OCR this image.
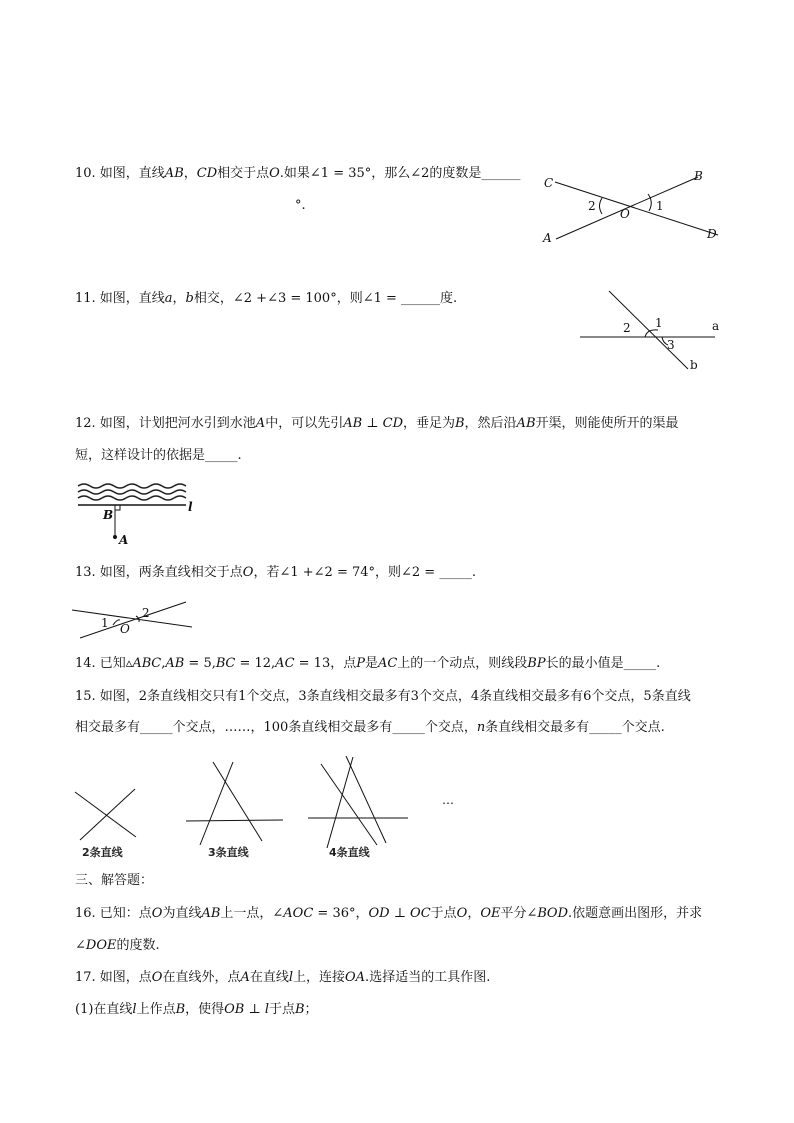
10. 如图，直线𝐴𝐵，𝐶𝐷相交于点𝑂.如果∠1 = 35°，那么∠2的度数是______
°.
C	B
O
A	D
1
2
11. 如图，直线𝑎，𝑏相交，∠2 +∠3 = 100°，则∠1 = ______度.
2 1
3
a
b
12. 如图，计划把河水引到水池𝐴中，可以先引𝐴𝐵 ⊥ 𝐶𝐷，垂足为𝐵，然后沿𝐴𝐵开渠，则能使所开的渠最
短，这样设计的依据是_____.
B
A
l
13. 如图，两条直线相交于点𝑂，若∠1 +∠2 = 74°，则∠2 = _____.
1
2
O
14. 已知▵𝐴𝐵𝐶,𝐴𝐵 = 5,𝐵𝐶 = 12,𝐴𝐶 = 13，点𝑃是𝐴𝐶上的一个动点，则线段𝐵𝑃长的最小值是_____.
15. 如图，2条直线相交只有1个交点，3条直线相交最多有3个交点，4条直线相交最多有6个交点，5条直线
相交最多有_____个交点，……，100条直线相交最多有_____个交点，𝑛条直线相交最多有_____个交点.
2条直线	3条直线	4条直线
…
三、解答题：
16. 已知：点𝑂为直线𝐴𝐵上一点，∠𝐴𝑂𝐶 = 36°，𝑂𝐷 ⊥ 𝑂𝐶于点𝑂，𝑂𝐸平分∠𝐵𝑂𝐷.依题意画出图形，并求
∠𝐷𝑂𝐸的度数.
17. 如图，点𝑂在直线外，点𝐴在直线𝑙上，连接𝑂𝐴.选择适当的工具作图.
(1)在直线𝑙上作点𝐵，使得𝑂𝐵 ⊥ 𝑙于点𝐵；
